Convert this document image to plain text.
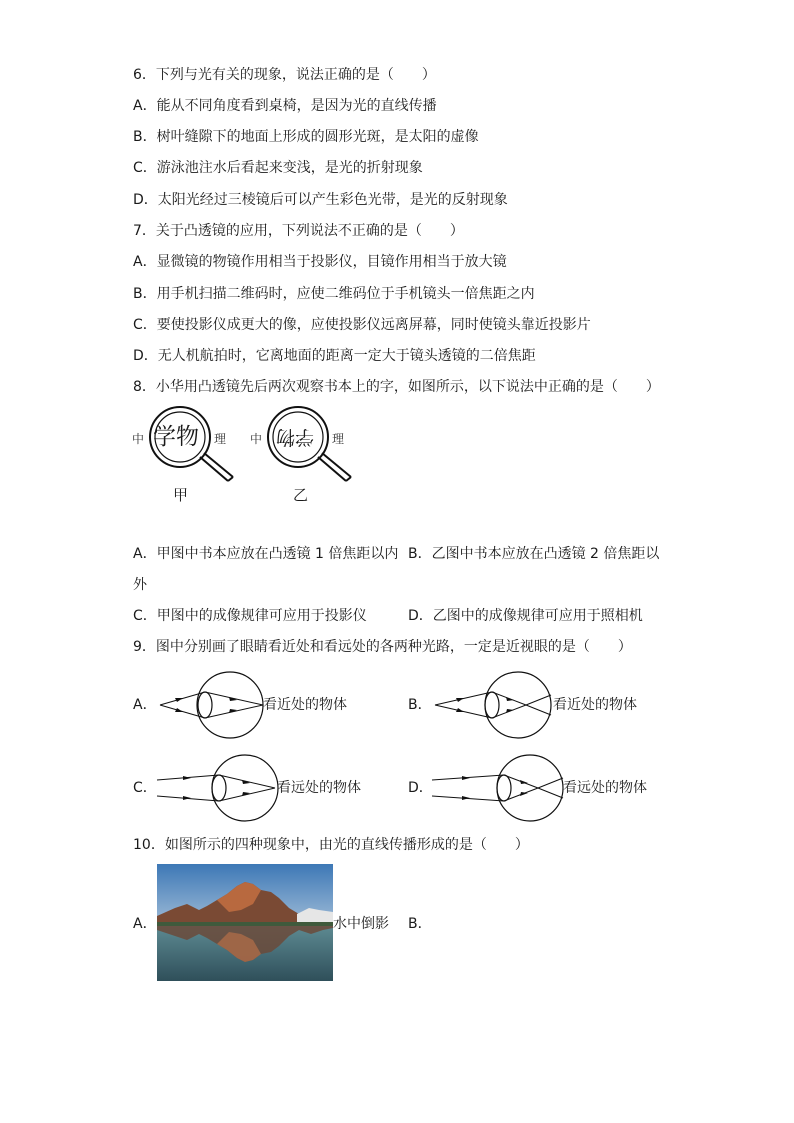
6．下列与光有关的现象，说法正确的是（　　）
A．能从不同角度看到桌椅，是因为光的直线传播
B．树叶缝隙下的地面上形成的圆形光斑，是太阳的虚像
C．游泳池注水后看起来变浅，是光的折射现象
D．太阳光经过三棱镜后可以产生彩色光带，是光的反射现象
7．关于凸透镜的应用，下列说法不正确的是（　　）
A．显微镜的物镜作用相当于投影仪，目镜作用相当于放大镜
B．用手机扫描二维码时，应使二维码位于手机镜头一倍焦距之内
C．要使投影仪成更大的像，应使投影仪远离屏幕，同时使镜头靠近投影片
D．无人机航拍时，它离地面的距离一定大于镜头透镜的二倍焦距
8．小华用凸透镜先后两次观察书本上的字，如图所示，以下说法中正确的是（　　）
中	理
学物
甲
中	理
学物
乙
A．甲图中书本应放在凸透镜 1 倍焦距以内 B．乙图中书本应放在凸透镜 2 倍焦距以
外
C．甲图中的成像规律可应用于投影仪	D．乙图中的成像规律可应用于照相机
9．图中分别画了眼睛看近处和看远处的各两种光路，一定是近视眼的是（　　）
A．	看近处的物体	B．	看近处的物体
C．	看远处的物体	D．	看远处的物体
10．如图所示的四种现象中，由光的直线传播形成的是（　　）
A．	水中倒影 B．
